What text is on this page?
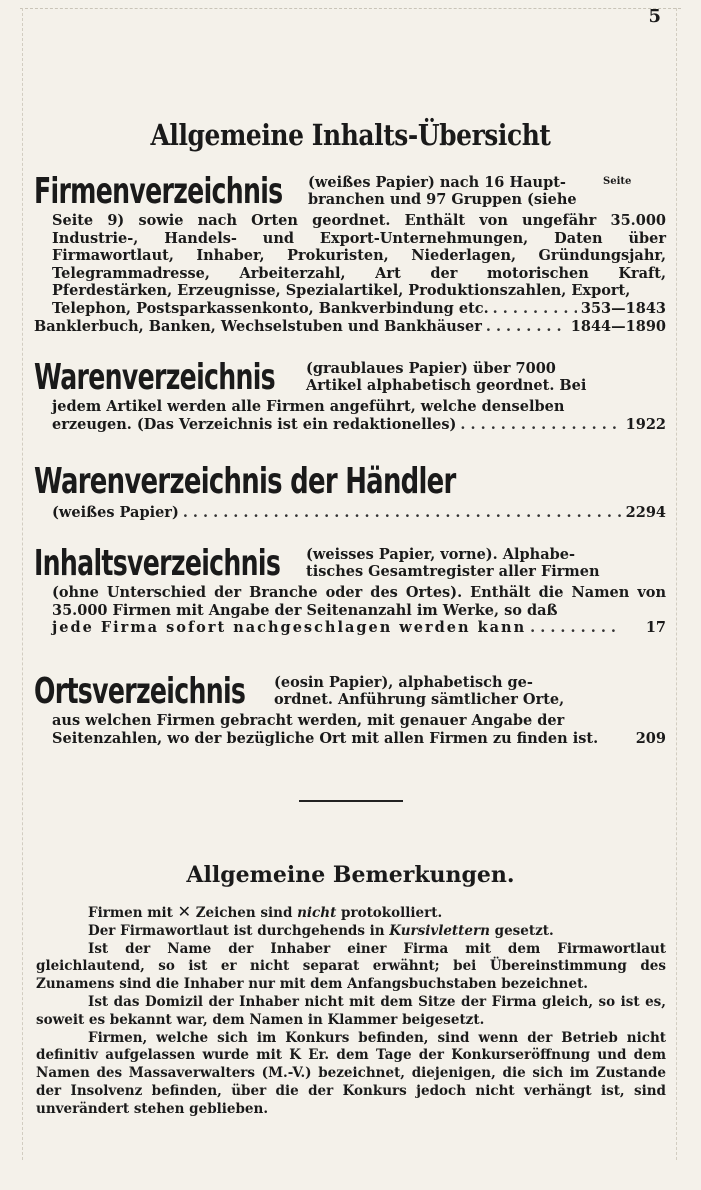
5
Allgemeine Inhalts-Übersicht
Seite
Firmenverzeichnis (weißes Papier) nach 16 Haupt-
branchen und 97 Gruppen (siehe
Seite 9) sowie nach Orten geordnet. Enthält von ungefähr 35.000 Industrie-, Handels- und Export-Unternehmungen, Daten über Firmawortlaut, Inhaber, Prokuristen, Niederlagen, Gründungsjahr, Telegrammadresse, Arbeiterzahl, Art der motorischen Kraft, Pferdestärken, Erzeugnisse, Spezialartikel, Produktionszahlen, Export,
Telephon, Postsparkassenkonto, Bankverbindung etc. . . .	353—1843
Banklerbuch, Banken, Wechselstuben und Bankhäuser . . .	1844—1890
Warenverzeichnis (graublaues Papier) über 7000
Artikel alphabetisch geordnet. Bei
jedem Artikel werden alle Firmen angeführt, welche denselben
erzeugen. (Das Verzeichnis ist ein redaktionelles) . . .	1922
Warenverzeichnis der Händler
(weißes Papier) . . .	2294
Inhaltsverzeichnis (weisses Papier, vorne). Alphabe-
tisches Gesamtregister aller Firmen
(ohne Unterschied der Branche oder des Ortes). Enthält die Namen von 35.000 Firmen mit Angabe der Seitenanzahl im Werke, so daß
jede Firma sofort nachgeschlagen werden kann . . .	17
Ortsverzeichnis (eosin Papier), alphabetisch ge-
ordnet. Anführung sämtlicher Orte,
aus welchen Firmen gebracht werden, mit genauer Angabe der
Seitenzahlen, wo der bezügliche Ort mit allen Firmen zu finden ist.	209
Allgemeine Bemerkungen.

Firmen mit ✕ Zeichen sind nicht protokolliert.

Der Firmawortlaut ist durchgehends in Kursivlettern gesetzt.

Ist der Name der Inhaber einer Firma mit dem Firmawortlaut gleichlautend, so ist er nicht separat erwähnt; bei Übereinstimmung des Zunamens sind die Inhaber nur mit dem Anfangsbuchstaben bezeichnet.

Ist das Domizil der Inhaber nicht mit dem Sitze der Firma gleich, so ist es, soweit es bekannt war, dem Namen in Klammer beigesetzt.

Firmen, welche sich im Konkurs befinden, sind wenn der Betrieb nicht definitiv aufgelassen wurde mit K Er. dem Tage der Konkurseröffnung und dem Namen des Massaverwalters (M.-V.) bezeichnet, diejenigen, die sich im Zustande der Insolvenz befinden, über die der Konkurs jedoch nicht verhängt ist, sind unverändert stehen geblieben.
